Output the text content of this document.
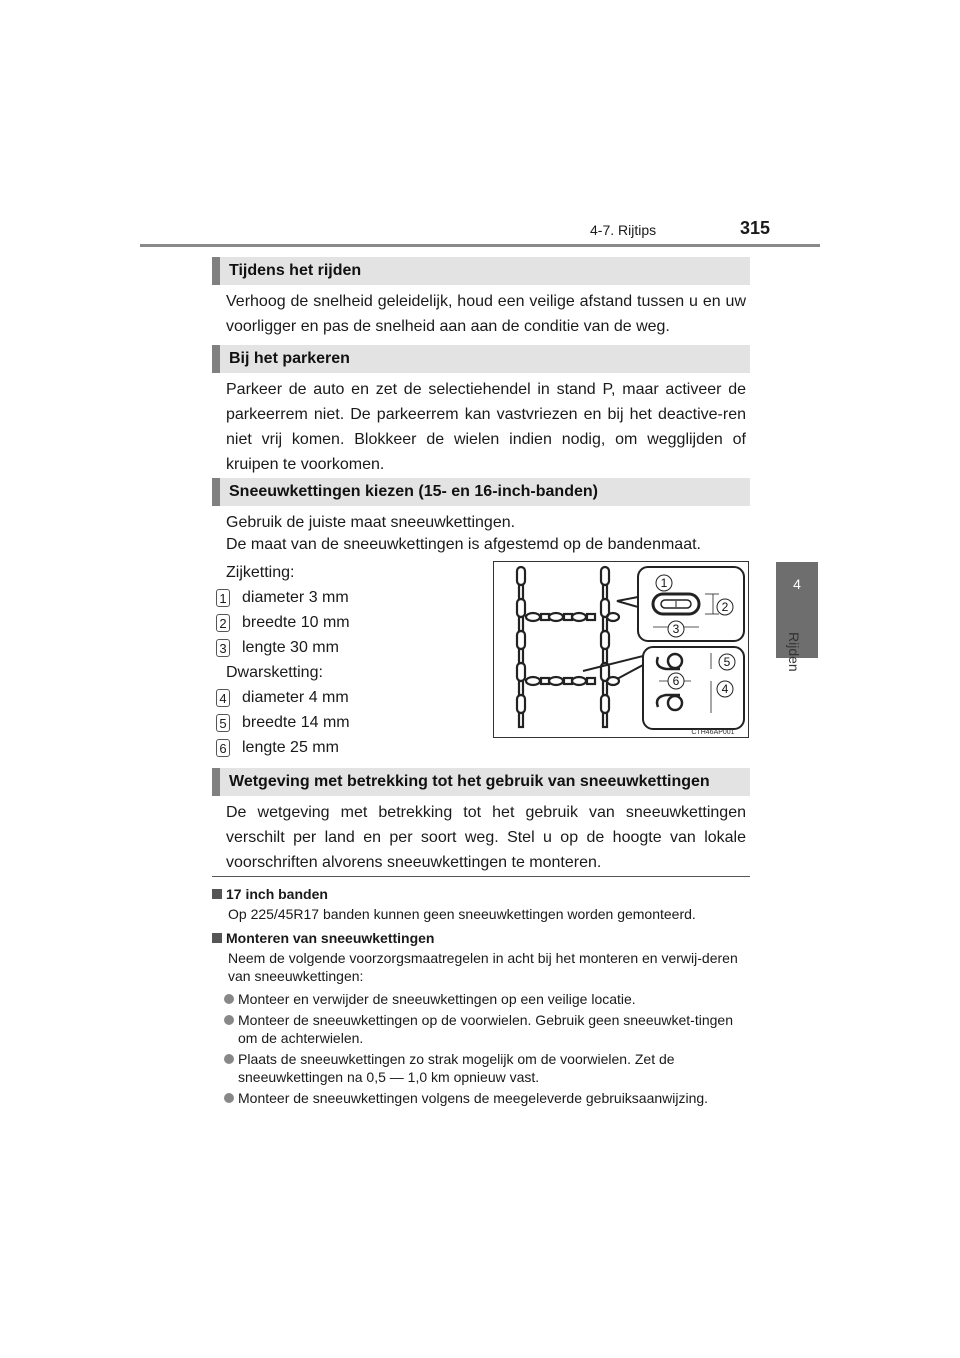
4-7. Rijtips	315
4
Rijden
Tijdens het rijden
Verhoog de snelheid geleidelijk, houd een veilige afstand tussen u en uw voorligger en pas de snelheid aan aan de conditie van de weg.
Bij het parkeren
Parkeer de auto en zet de selectiehendel in stand P, maar activeer de parkeerrem niet. De parkeerrem kan vastvriezen en bij het deactive-ren niet vrij komen. Blokkeer de wielen indien nodig, om wegglijden of kruipen te voorkomen.
Sneeuwkettingen kiezen (15- en 16-inch-banden)
Gebruik de juiste maat sneeuwkettingen.
De maat van de sneeuwkettingen is afgestemd op de bandenmaat.
Zijketting:
1 diameter 3 mm
2 breedte 10 mm
3 lengte 30 mm
Dwarsketting:
4 diameter 4 mm
5 breedte 14 mm
6 lengte 25 mm
1
2
3
4
5
6
CTH46AP001
Wetgeving met betrekking tot het gebruik van sneeuwkettingen
De wetgeving met betrekking tot het gebruik van sneeuwkettingen verschilt per land en per soort weg. Stel u op de hoogte van lokale voorschriften alvorens sneeuwkettingen te monteren.
17 inch banden
Op 225/45R17 banden kunnen geen sneeuwkettingen worden gemonteerd.
Monteren van sneeuwkettingen
Neem de volgende voorzorgsmaatregelen in acht bij het monteren en verwij-deren van sneeuwkettingen:
Monteer en verwijder de sneeuwkettingen op een veilige locatie.
Monteer de sneeuwkettingen op de voorwielen. Gebruik geen sneeuwket-tingen om de achterwielen.
Plaats de sneeuwkettingen zo strak mogelijk om de voorwielen. Zet de sneeuwkettingen na 0,5 — 1,0 km opnieuw vast.
Monteer de sneeuwkettingen volgens de meegeleverde gebruiksaanwijzing.
